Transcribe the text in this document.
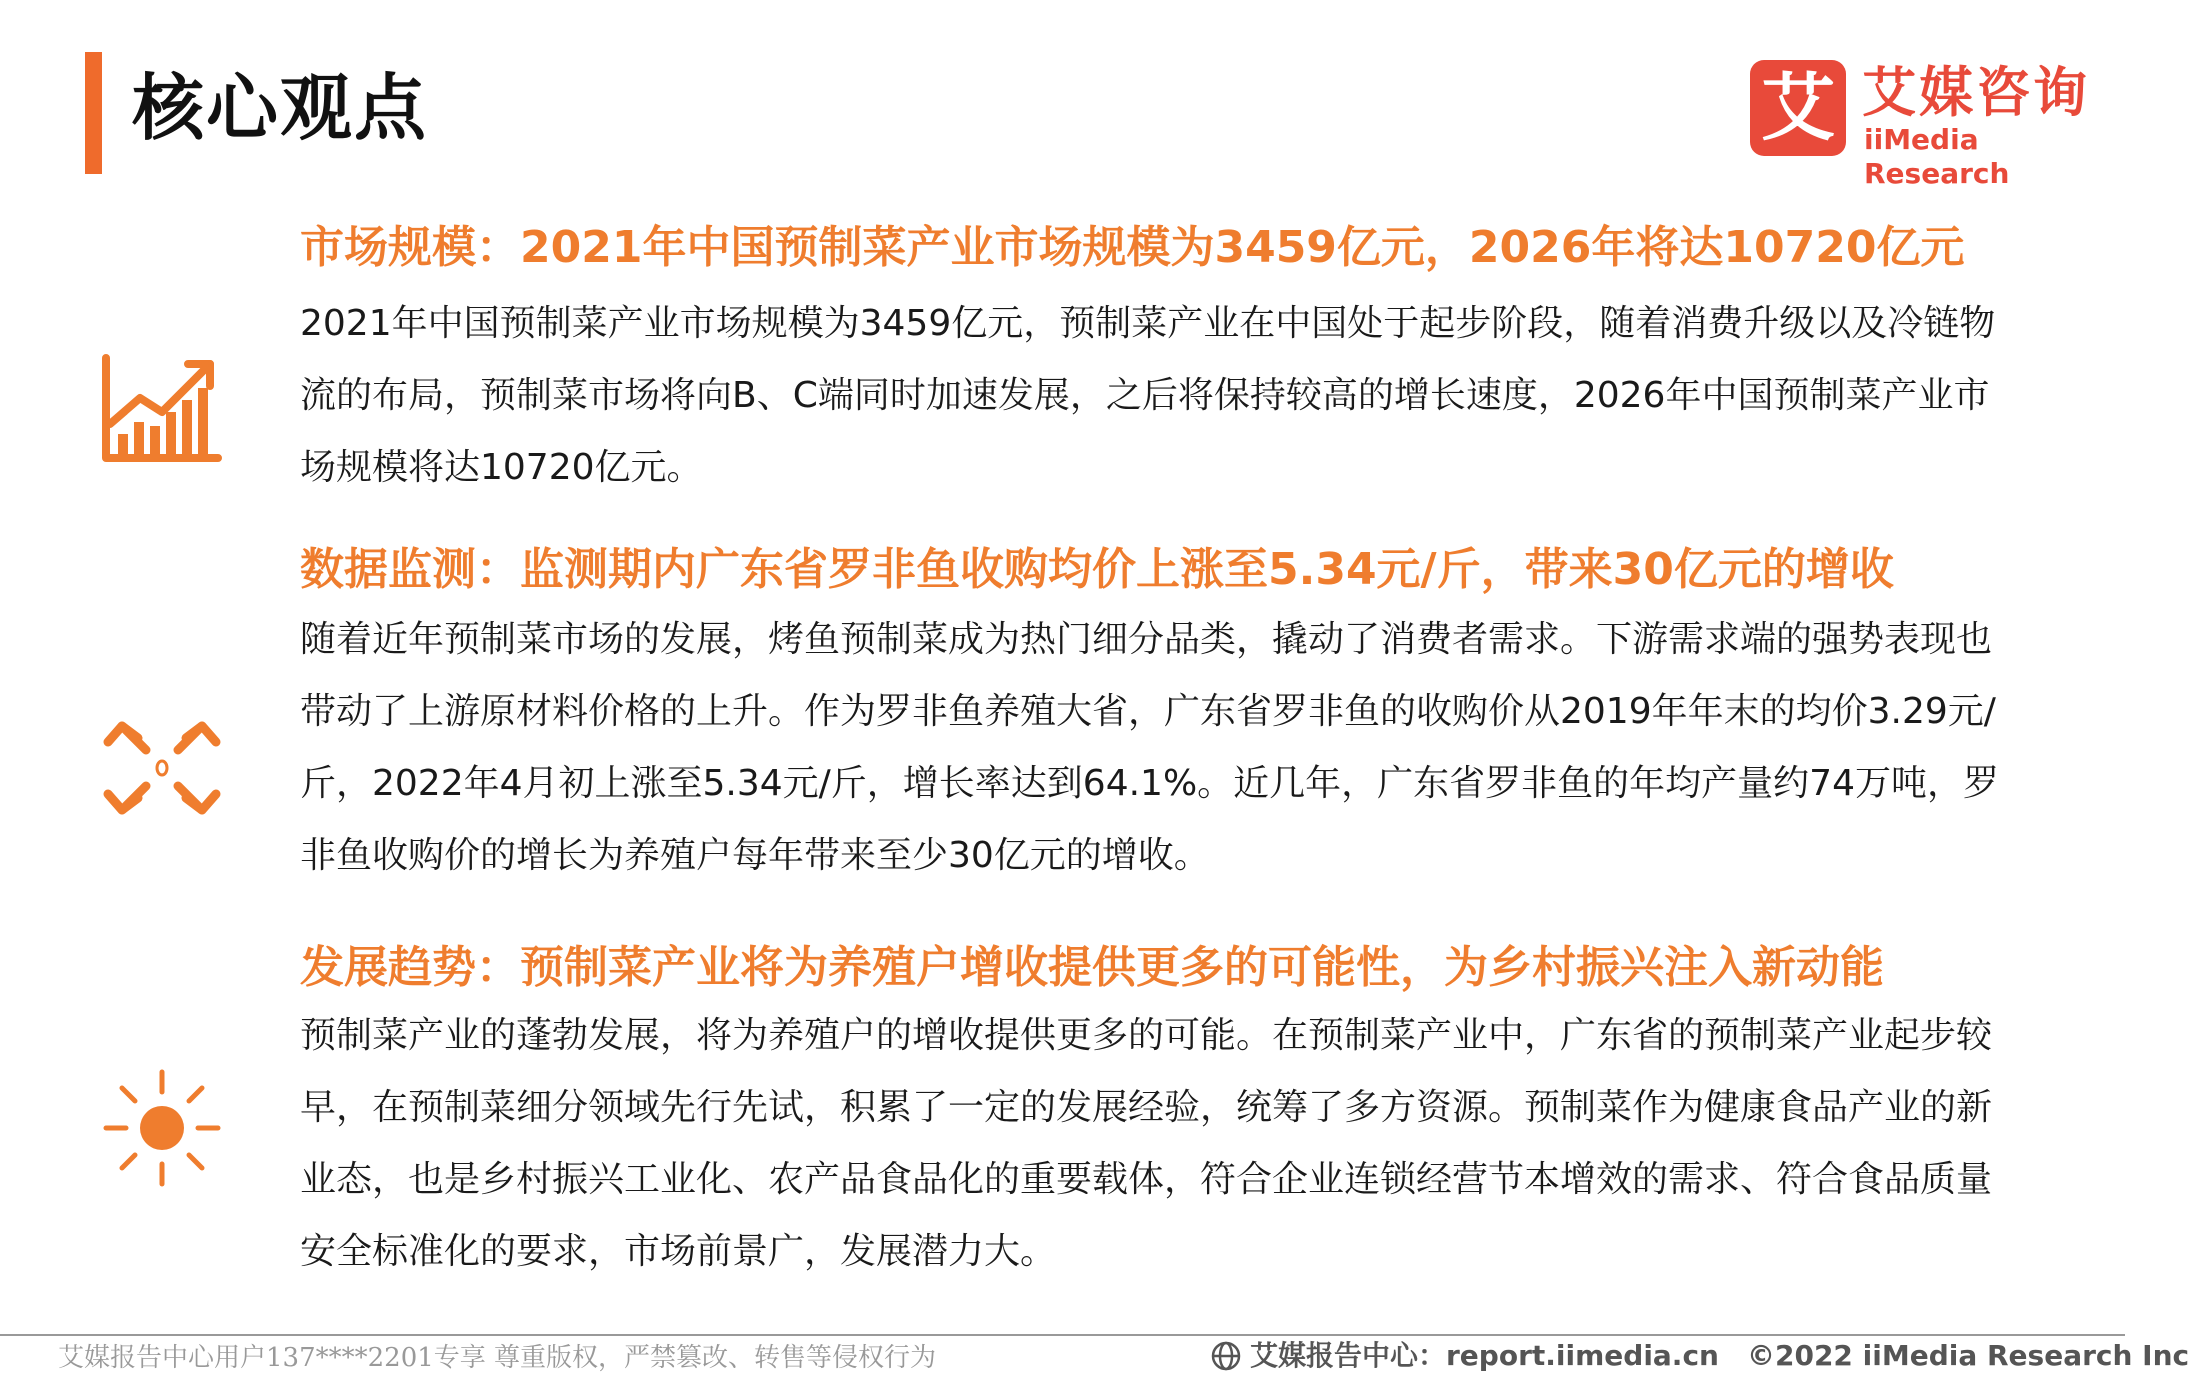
核心观点	艾 艾媒咨询
iiMedia Research
市场规模：2021年中国预制菜产业市场规模为3459亿元，2026年将达10720亿元
2021年中国预制菜产业市场规模为3459亿元，预制菜产业在中国处于起步阶段，随着消费升级以及冷链物流的布局，预制菜市场将向B、C端同时加速发展，之后将保持较高的增长速度，2026年中国预制菜产业市场规模将达10720亿元。
数据监测：监测期内广东省罗非鱼收购均价上涨至5.34元/斤，带来30亿元的增收
随着近年预制菜市场的发展，烤鱼预制菜成为热门细分品类，撬动了消费者需求。下游需求端的强势表现也带动了上游原材料价格的上升。作为罗非鱼养殖大省，广东省罗非鱼的收购价从2019年年末的均价3.29元/斤，2022年4月初上涨至5.34元/斤，增长率达到64.1%。近几年，广东省罗非鱼的年均产量约74万吨，罗非鱼收购价的增长为养殖户每年带来至少30亿元的增收。
发展趋势：预制菜产业将为养殖户增收提供更多的可能性，为乡村振兴注入新动能
预制菜产业的蓬勃发展，将为养殖户的增收提供更多的可能。在预制菜产业中，广东省的预制菜产业起步较早，在预制菜细分领域先行先试，积累了一定的发展经验，统筹了多方资源。预制菜作为健康食品产业的新业态，也是乡村振兴工业化、农产品食品化的重要载体，符合企业连锁经营节本增效的需求、符合食品质量安全标准化的要求，市场前景广，发展潜力大。
艾媒报告中心用户137****2201专享 尊重版权，严禁篡改、转售等侵权行为	艾媒报告中心：report.iimedia.cn ©2022 iiMedia Research Inc
